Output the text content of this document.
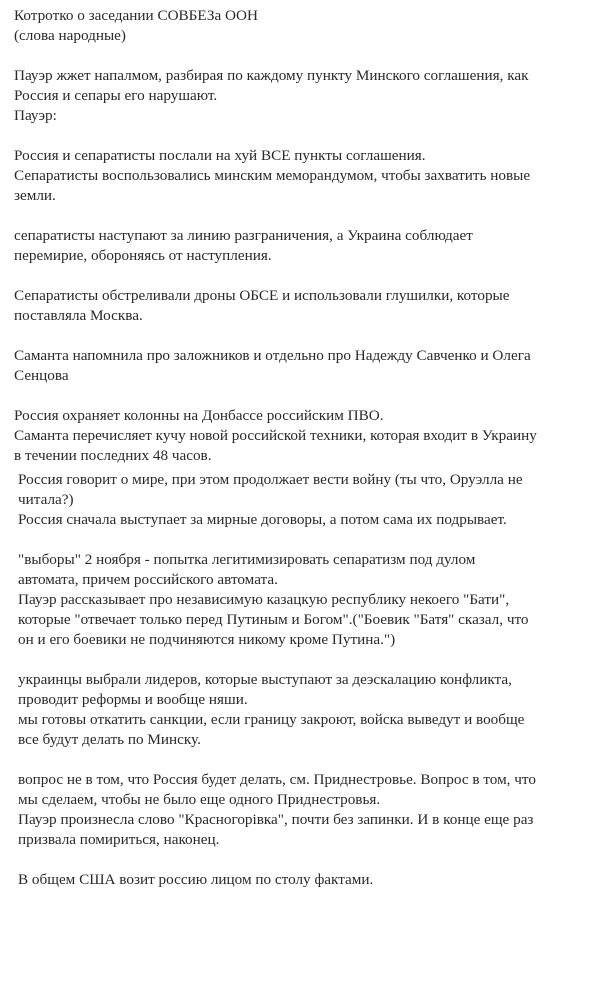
Котротко о заседании СОВБЕЗа ООН
(слова народные)
Пауэр жжет напалмом, разбирая по каждому пункту Минского соглашения, как
Россия и сепары его нарушают.
Пауэр:
Россия и сепаратисты послали на хуй ВСЕ пункты соглашения.
Сепаратисты воспользовались минским меморандумом, чтобы захватить новые
земли.
сепаратисты наступают за линию разграничения, а Украина соблюдает
перемирие, обороняясь от наступления.
Сепаратисты обстреливали дроны ОБСЕ и использовали глушилки, которые
поставляла Москва.
Саманта напомнила про заложников и отдельно про Надежду Савченко и Олега
Сенцова
Россия охраняет колонны на Донбассе российским ПВО.
Саманта перечисляет кучу новой российской техники, которая входит в Украину
в течении последних 48 часов.
Россия говорит о мире, при этом продолжает вести войну (ты что, Оруэлла не
читала?)
Россия сначала выступает за мирные договоры, а потом сама их подрывает.
"выборы" 2 ноября - попытка легитимизировать сепаратизм под дулом
автомата, причем российского автомата.
Пауэр рассказывает про независимую казацкую республику некоего "Бати",
которые "отвечает только перед Путиным и Богом".("Боевик "Батя" сказал, что
он и его боевики не подчиняются никому кроме Путина.")
украинцы выбрали лидеров, которые выступают за деэскалацию конфликта,
проводит реформы и вообще няши.
мы готовы откатить санкции, если границу закроют, войска выведут и вообще
все будут делать по Минску.
вопрос не в том, что Россия будет делать, см. Приднестровье. Вопрос в том, что
мы сделаем, чтобы не было еще одного Приднестровья.
Пауэр произнесла слово "Красногорівка", почти без запинки. И в конце еще раз
призвала помириться, наконец.
В общем США возит россию лицом по столу фактами.
